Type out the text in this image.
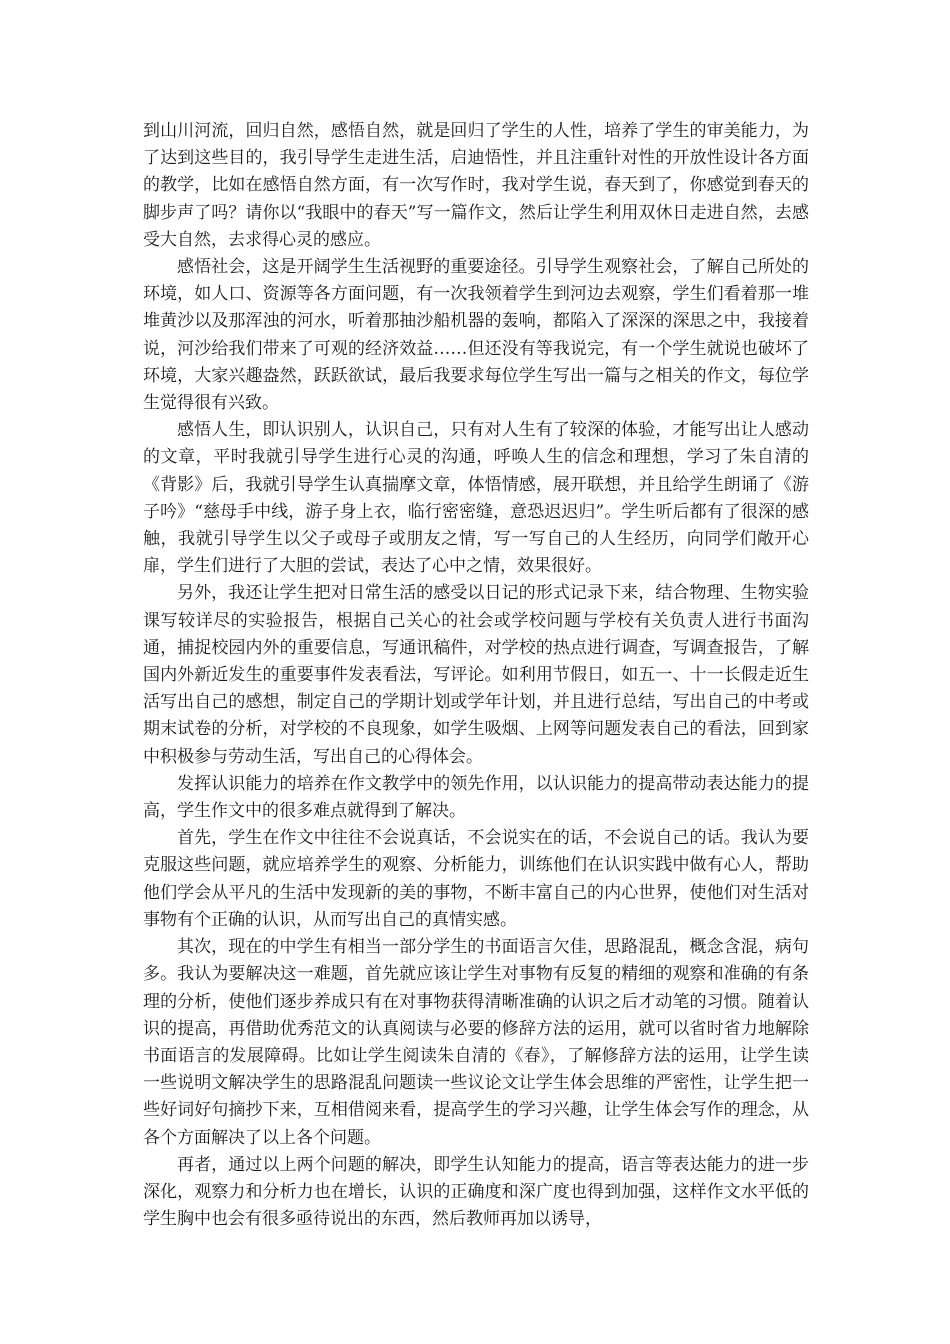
到山川河流，回归自然，感悟自然，就是回归了学生的人性，培养了学生的审美能力，为了达到这些目的，我引导学生走进生活，启迪悟性，并且注重针对性的开放性设计各方面的教学，比如在感悟自然方面，有一次写作时，我对学生说，春天到了，你感觉到春天的脚步声了吗？请你以“我眼中的春天”写一篇作文，然后让学生利用双休日走进自然，去感受大自然，去求得心灵的感应。

感悟社会，这是开阔学生生活视野的重要途径。引导学生观察社会，了解自己所处的环境，如人口、资源等各方面问题，有一次我领着学生到河边去观察，学生们看着那一堆堆黄沙以及那浑浊的河水，听着那抽沙船机器的轰响，都陷入了深深的深思之中，我接着说，河沙给我们带来了可观的经济效益……但还没有等我说完，有一个学生就说也破坏了环境，大家兴趣盎然，跃跃欲试，最后我要求每位学生写出一篇与之相关的作文，每位学生觉得很有兴致。

感悟人生，即认识别人，认识自己，只有对人生有了较深的体验，才能写出让人感动的文章，平时我就引导学生进行心灵的沟通，呼唤人生的信念和理想，学习了朱自清的《背影》后，我就引导学生认真揣摩文章，体悟情感，展开联想，并且给学生朗诵了《游子吟》“慈母手中线，游子身上衣，临行密密缝，意恐迟迟归”。学生听后都有了很深的感触，我就引导学生以父子或母子或朋友之情，写一写自己的人生经历，向同学们敞开心扉，学生们进行了大胆的尝试，表达了心中之情，效果很好。

另外，我还让学生把对日常生活的感受以日记的形式记录下来，结合物理、生物实验课写较详尽的实验报告，根据自己关心的社会或学校问题与学校有关负责人进行书面沟通，捕捉校园内外的重要信息，写通讯稿件，对学校的热点进行调查，写调查报告，了解国内外新近发生的重要事件发表看法，写评论。如利用节假日，如五一、十一长假走近生活写出自己的感想，制定自己的学期计划或学年计划，并且进行总结，写出自己的中考或期末试卷的分析，对学校的不良现象，如学生吸烟、上网等问题发表自己的看法，回到家中积极参与劳动生活，写出自己的心得体会。

发挥认识能力的培养在作文教学中的领先作用，以认识能力的提高带动表达能力的提高，学生作文中的很多难点就得到了解决。

首先，学生在作文中往往不会说真话，不会说实在的话，不会说自己的话。我认为要克服这些问题，就应培养学生的观察、分析能力，训练他们在认识实践中做有心人，帮助他们学会从平凡的生活中发现新的美的事物，不断丰富自己的内心世界，使他们对生活对事物有个正确的认识，从而写出自己的真情实感。

其次，现在的中学生有相当一部分学生的书面语言欠佳，思路混乱，概念含混，病句多。我认为要解决这一难题，首先就应该让学生对事物有反复的精细的观察和准确的有条理的分析，使他们逐步养成只有在对事物获得清晰准确的认识之后才动笔的习惯。随着认识的提高，再借助优秀范文的认真阅读与必要的修辞方法的运用，就可以省时省力地解除书面语言的发展障碍。比如让学生阅读朱自清的《春》，了解修辞方法的运用，让学生读一些说明文解决学生的思路混乱问题读一些议论文让学生体会思维的严密性，让学生把一些好词好句摘抄下来，互相借阅来看，提高学生的学习兴趣，让学生体会写作的理念，从各个方面解决了以上各个问题。

再者，通过以上两个问题的解决，即学生认知能力的提高，语言等表达能力的进一步深化，观察力和分析力也在增长，认识的正确度和深广度也得到加强，这样作文水平低的学生胸中也会有很多亟待说出的东西，然后教师再加以诱导，
